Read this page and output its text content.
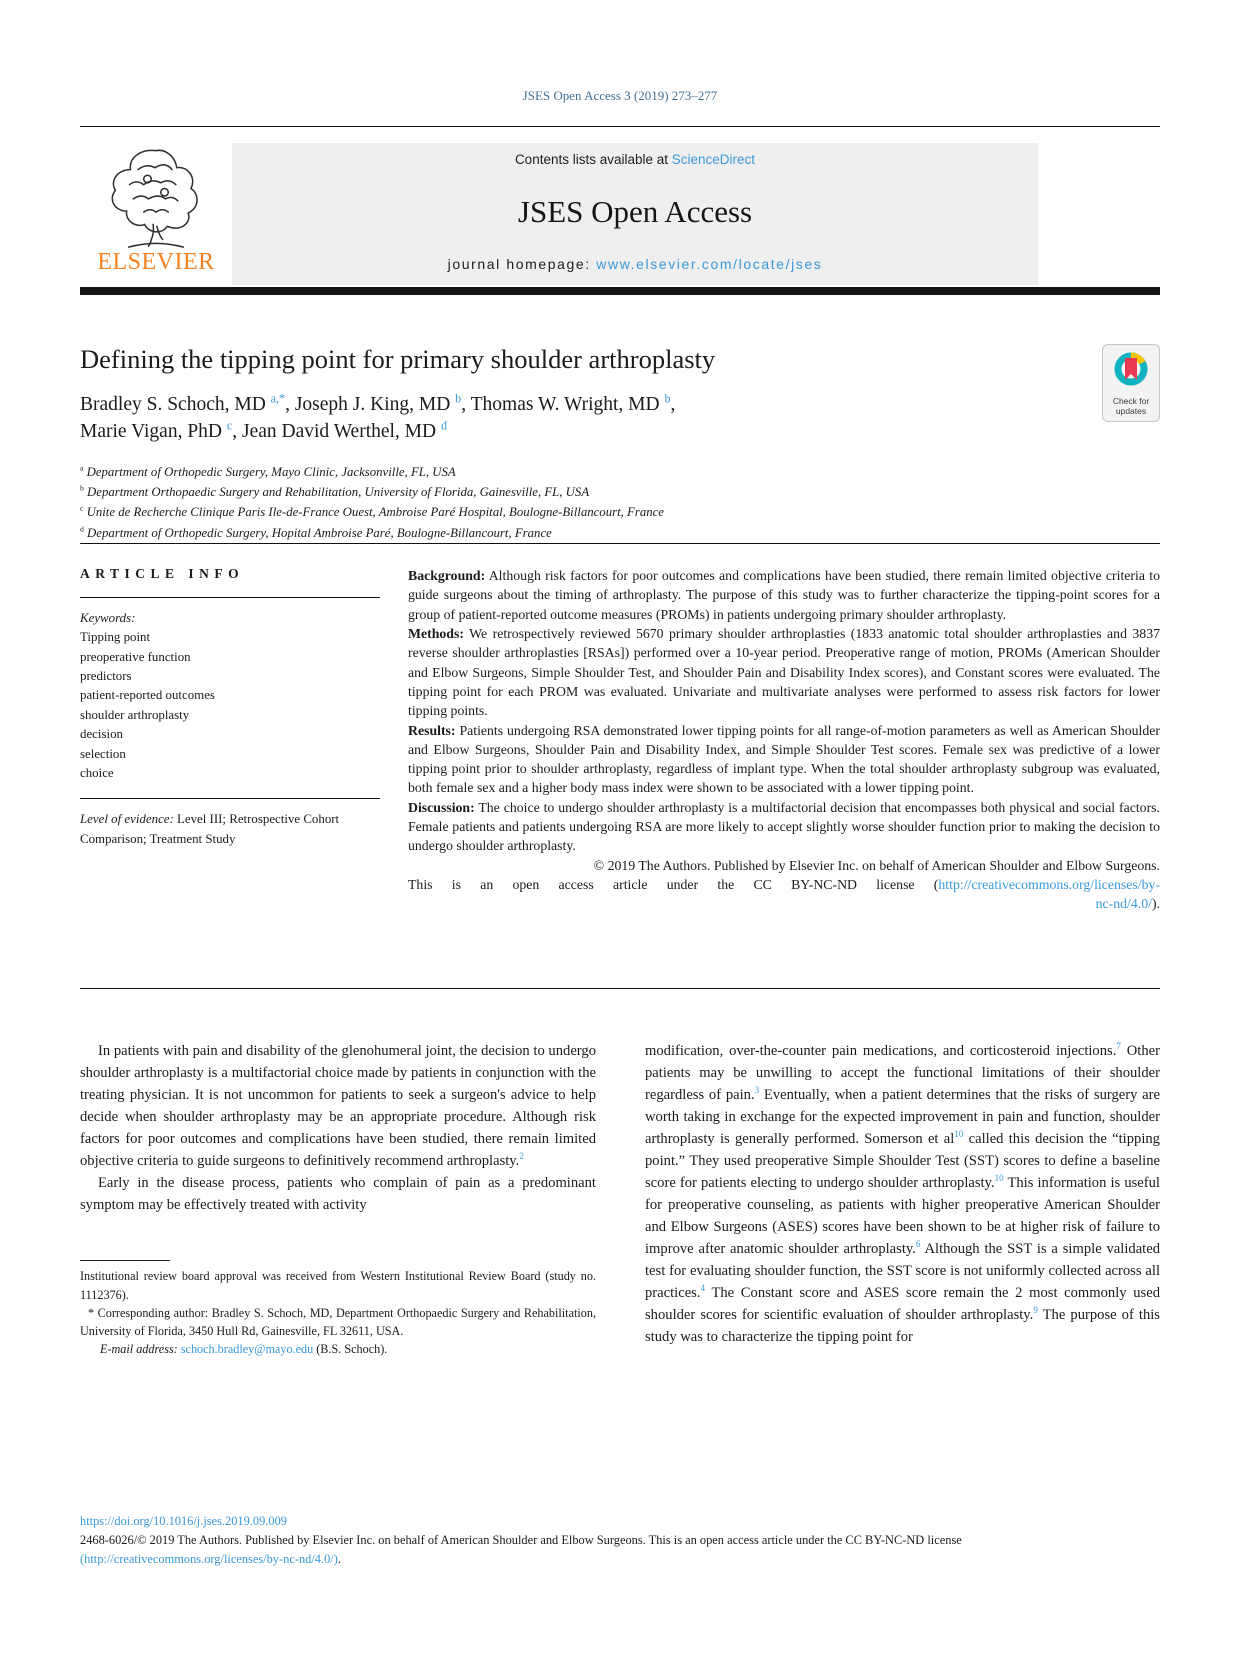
JSES Open Access 3 (2019) 273–277
ELSEVIER
Contents lists available at ScienceDirect
JSES Open Access
journal homepage: www.elsevier.com/locate/jses
Defining the tipping point for primary shoulder arthroplasty
Check for
updates
Bradley S. Schoch, MD $^{a,*}$, Joseph J. King, MD $^b$, Thomas W. Wright, MD $^b$,
Marie Vigan, PhD $^c$, Jean David Werthel, MD $^d$
$^a$ Department of Orthopedic Surgery, Mayo Clinic, Jacksonville, FL, USA
$^b$ Department Orthopaedic Surgery and Rehabilitation, University of Florida, Gainesville, FL, USA
$^c$ Unite de Recherche Clinique Paris Ile-de-France Ouest, Ambroise Paré Hospital, Boulogne-Billancourt, France
$^d$ Department of Orthopedic Surgery, Hopital Ambroise Paré, Boulogne-Billancourt, France

ARTICLE INFO

Keywords:
Tipping point
preoperative function
predictors
patient-reported outcomes
shoulder arthroplasty
decision
selection
choice
Level of evidence: Level III; Retrospective Cohort Comparison; Treatment Study

Background: Although risk factors for poor outcomes and complications have been studied, there remain limited objective criteria to guide surgeons about the timing of arthroplasty. The purpose of this study was to further characterize the tipping-point scores for a group of patient-reported outcome measures (PROMs) in patients undergoing primary shoulder arthroplasty.

Methods: We retrospectively reviewed 5670 primary shoulder arthroplasties (1833 anatomic total shoulder arthroplasties and 3837 reverse shoulder arthroplasties [RSAs]) performed over a 10-year period. Preoperative range of motion, PROMs (American Shoulder and Elbow Surgeons, Simple Shoulder Test, and Shoulder Pain and Disability Index scores), and Constant scores were evaluated. The tipping point for each PROM was evaluated. Univariate and multivariate analyses were performed to assess risk factors for lower tipping points.

Results: Patients undergoing RSA demonstrated lower tipping points for all range-of-motion parameters as well as American Shoulder and Elbow Surgeons, Shoulder Pain and Disability Index, and Simple Shoulder Test scores. Female sex was predictive of a lower tipping point prior to shoulder arthroplasty, regardless of implant type. When the total shoulder arthroplasty subgroup was evaluated, both female sex and a higher body mass index were shown to be associated with a lower tipping point.

Discussion: The choice to undergo shoulder arthroplasty is a multifactorial decision that encompasses both physical and social factors. Female patients and patients undergoing RSA are more likely to accept slightly worse shoulder function prior to making the decision to undergo shoulder arthroplasty.

© 2019 The Authors. Published by Elsevier Inc. on behalf of American Shoulder and Elbow Surgeons.

This is an open access article under the CC BY-NC-ND license (http://creativecommons.org/licenses/by-

nc-nd/4.0/).

In patients with pain and disability of the glenohumeral joint, the decision to undergo shoulder arthroplasty is a multifactorial choice made by patients in conjunction with the treating physician. It is not uncommon for patients to seek a surgeon's advice to help decide when shoulder arthroplasty may be an appropriate procedure. Although risk factors for poor outcomes and complications have been studied, there remain limited objective criteria to guide surgeons to definitively recommend arthroplasty.$^2$

Early in the disease process, patients who complain of pain as a predominant symptom may be effectively treated with activity

Institutional review board approval was received from Western Institutional Review Board (study no. 1112376).
* Corresponding author: Bradley S. Schoch, MD, Department Orthopaedic Surgery and Rehabilitation, University of Florida, 3450 Hull Rd, Gainesville, FL 32611, USA.
E-mail address: schoch.bradley@mayo.edu (B.S. Schoch).

modification, over-the-counter pain medications, and corticosteroid injections.$^7$ Other patients may be unwilling to accept the functional limitations of their shoulder regardless of pain.$^3$ Eventually, when a patient determines that the risks of surgery are worth taking in exchange for the expected improvement in pain and function, shoulder arthroplasty is generally performed. Somerson et al$^{10}$ called this decision the “tipping point.” They used preoperative Simple Shoulder Test (SST) scores to define a baseline score for patients electing to undergo shoulder arthroplasty.$^{10}$ This information is useful for preoperative counseling, as patients with higher preoperative American Shoulder and Elbow Surgeons (ASES) scores have been shown to be at higher risk of failure to improve after anatomic shoulder arthroplasty.$^6$ Although the SST is a simple validated test for evaluating shoulder function, the SST score is not uniformly collected across all practices.$^4$ The Constant score and ASES score remain the 2 most commonly used shoulder scores for scientific evaluation of shoulder arthroplasty.$^9$ The purpose of this study was to characterize the tipping point for

https://doi.org/10.1016/j.jses.2019.09.009

2468-6026/© 2019 The Authors. Published by Elsevier Inc. on behalf of American Shoulder and Elbow Surgeons. This is an open access article under the CC BY-NC-ND license

(http://creativecommons.org/licenses/by-nc-nd/4.0/).
